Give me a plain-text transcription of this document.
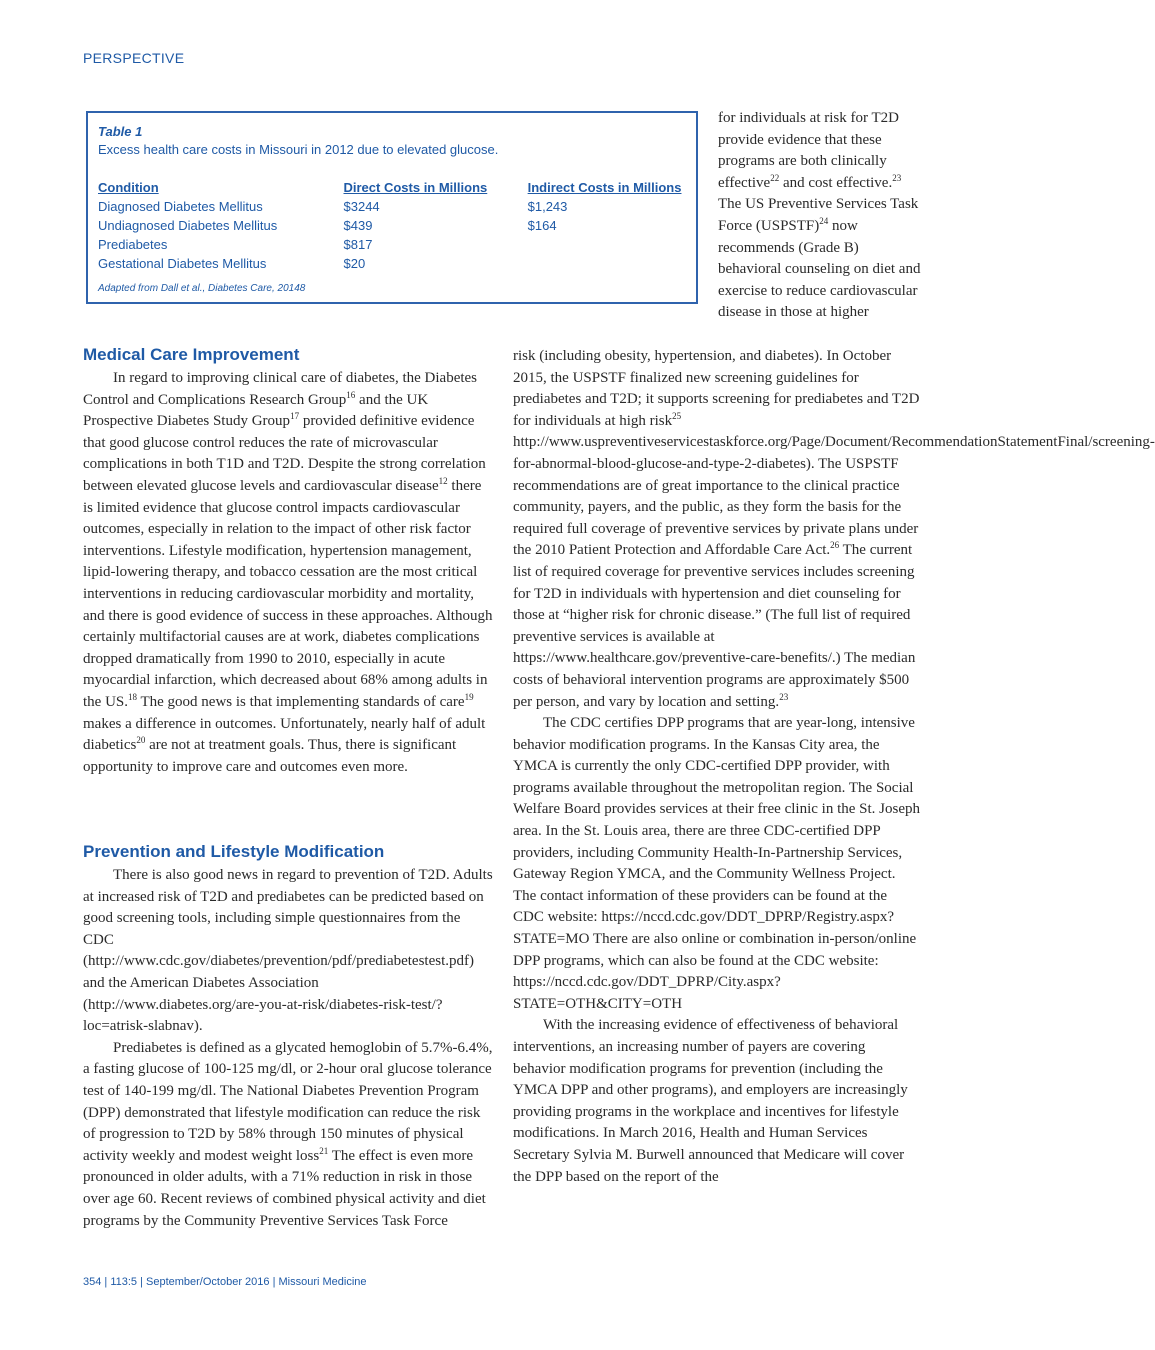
PERSPECTIVE
Table 1
Excess health care costs in Missouri in 2012 due to elevated glucose.
Condition	Direct Costs in Millions	Indirect Costs in Millions
Diagnosed Diabetes Mellitus	$3244	$1,243
Undiagnosed Diabetes Mellitus	$439	$164
Prediabetes	$817
Gestational Diabetes Mellitus	$20
Adapted from Dall et al., Diabetes Care, 20148

for individuals at risk for T2D provide evidence that these programs are both clinically effective$^{22}$ and cost effective.$^{23}$ The US Preventive Services Task Force (USPSTF)$^{24}$ now recommends (Grade B) behavioral counseling on diet and exercise to reduce cardiovascular disease in those at higher

Medical Care Improvement

In regard to improving clinical care of diabetes, the Diabetes Control and Complications Research Group$^{16}$ and the UK Prospective Diabetes Study Group$^{17}$ provided definitive evidence that good glucose control reduces the rate of microvascular complications in both T1D and T2D. Despite the strong correlation between elevated glucose levels and cardiovascular disease$^{12}$ there is limited evidence that glucose control impacts cardiovascular outcomes, especially in relation to the impact of other risk factor interventions. Lifestyle modification, hypertension management, lipid-lowering therapy, and tobacco cessation are the most critical interventions in reducing cardiovascular morbidity and mortality, and there is good evidence of success in these approaches. Although certainly multifactorial causes are at work, diabetes complications dropped dramatically from 1990 to 2010, especially in acute myocardial infarction, which decreased about 68% among adults in the US.$^{18}$ The good news is that implementing standards of care$^{19}$ makes a difference in outcomes. Unfortunately, nearly half of adult diabetics$^{20}$ are not at treatment goals. Thus, there is significant opportunity to improve care and outcomes even more.

Prevention and Lifestyle Modification

There is also good news in regard to prevention of T2D. Adults at increased risk of T2D and prediabetes can be predicted based on good screening tools, including simple questionnaires from the CDC (http://www.cdc.gov/diabetes/prevention/pdf/prediabetestest.pdf) and the American Diabetes Association (http://www.diabetes.org/are-you-at-risk/diabetes-risk-test/?loc=atrisk-slabnav).

Prediabetes is defined as a glycated hemoglobin of 5.7%-6.4%, a fasting glucose of 100-125 mg/dl, or 2-hour oral glucose tolerance test of 140-199 mg/dl. The National Diabetes Prevention Program (DPP) demonstrated that lifestyle modification can reduce the risk of progression to T2D by 58% through 150 minutes of physical activity weekly and modest weight loss$^{21}$ The effect is even more pronounced in older adults, with a 71% reduction in risk in those over age 60. Recent reviews of combined physical activity and diet programs by the Community Preventive Services Task Force

risk (including obesity, hypertension, and diabetes). In October 2015, the USPSTF finalized new screening guidelines for prediabetes and T2D; it supports screening for prediabetes and T2D for individuals at high risk$^{25}$ http://www.uspreventiveservicestaskforce.org/Page/Document/RecommendationStatementFinal/screening-for-abnormal-blood-glucose-and-type-2-diabetes). The USPSTF recommendations are of great importance to the clinical practice community, payers, and the public, as they form the basis for the required full coverage of preventive services by private plans under the 2010 Patient Protection and Affordable Care Act.$^{26}$ The current list of required coverage for preventive services includes screening for T2D in individuals with hypertension and diet counseling for those at “higher risk for chronic disease.” (The full list of required preventive services is available at https://www.healthcare.gov/preventive-care-benefits/.) The median costs of behavioral intervention programs are approximately $500 per person, and vary by location and setting.$^{23}$

The CDC certifies DPP programs that are year-long, intensive behavior modification programs. In the Kansas City area, the YMCA is currently the only CDC-certified DPP provider, with programs available throughout the metropolitan region. The Social Welfare Board provides services at their free clinic in the St. Joseph area. In the St. Louis area, there are three CDC-certified DPP providers, including Community Health-In-Partnership Services, Gateway Region YMCA, and the Community Wellness Project. The contact information of these providers can be found at the CDC website: https://nccd.cdc.gov/DDT_DPRP/Registry.aspx?STATE=MO There are also online or combination in-person/online DPP programs, which can also be found at the CDC website: https://nccd.cdc.gov/DDT_DPRP/City.aspx?STATE=OTH&CITY=OTH

With the increasing evidence of effectiveness of behavioral interventions, an increasing number of payers are covering behavior modification programs for prevention (including the YMCA DPP and other programs), and employers are increasingly providing programs in the workplace and incentives for lifestyle modifications. In March 2016, Health and Human Services Secretary Sylvia M. Burwell announced that Medicare will cover the DPP based on the report of the

354 | 113:5 | September/October 2016 | Missouri Medicine
